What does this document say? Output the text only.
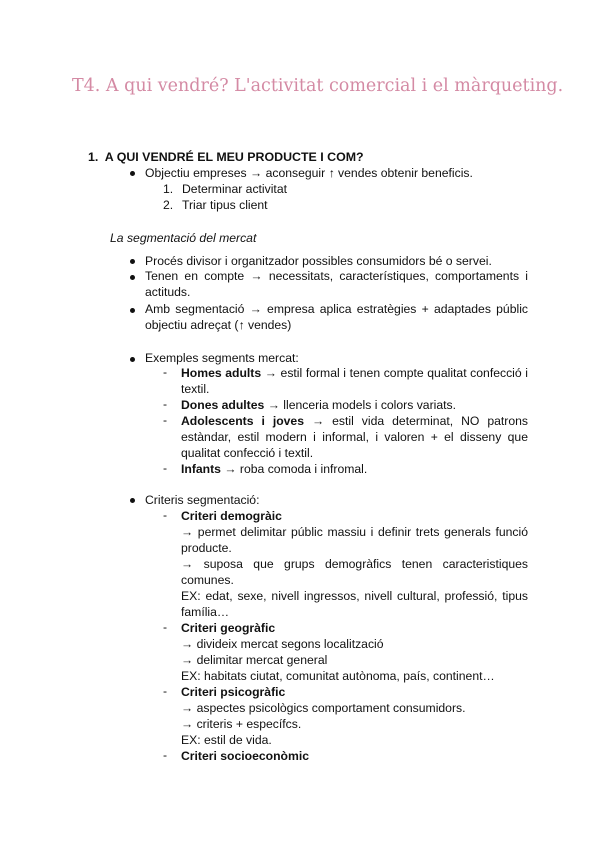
T4. A qui vendré? L'activitat comercial i el màrqueting.
1. A QUI VENDRÉ EL MEU PRODUCTE I COM?
Objectiu empreses → aconseguir ↑ vendes obtenir beneficis.
1. Determinar activitat
2. Triar tipus client
La segmentació del mercat
Procés divisor i organitzador possibles consumidors bé o servei.
Tenen en compte → necessitats, característiques, comportaments i actituds.
Amb segmentació → empresa aplica estratègies + adaptades públic objectiu adreçat (↑ vendes)
Exemples segments mercat:
- Homes adults → estil formal i tenen compte qualitat confecció i textil.
- Dones adultes → llenceria models i colors variats.
- Adolescents i joves → estil vida determinat, NO patrons estàndar, estil modern i informal, i valoren + el disseny que qualitat confecció i textil.
- Infants → roba comoda i infromal.
Criteris segmentació:
- Criteri demogràic
→ permet delimitar públic massiu i definir trets generals funció producte.
→ suposa que grups demogràfics tenen caracteristiques comunes.
EX: edat, sexe, nivell ingressos, nivell cultural, professió, tipus família…
- Criteri geogràfic
→ divideix mercat segons localització
→ delimitar mercat general
EX: habitats ciutat, comunitat autònoma, país, continent…
- Criteri psicogràfic
→ aspectes psicològics comportament consumidors.
→ criteris + específcs.
EX: estil de vida.
- Criteri socioeconòmic
